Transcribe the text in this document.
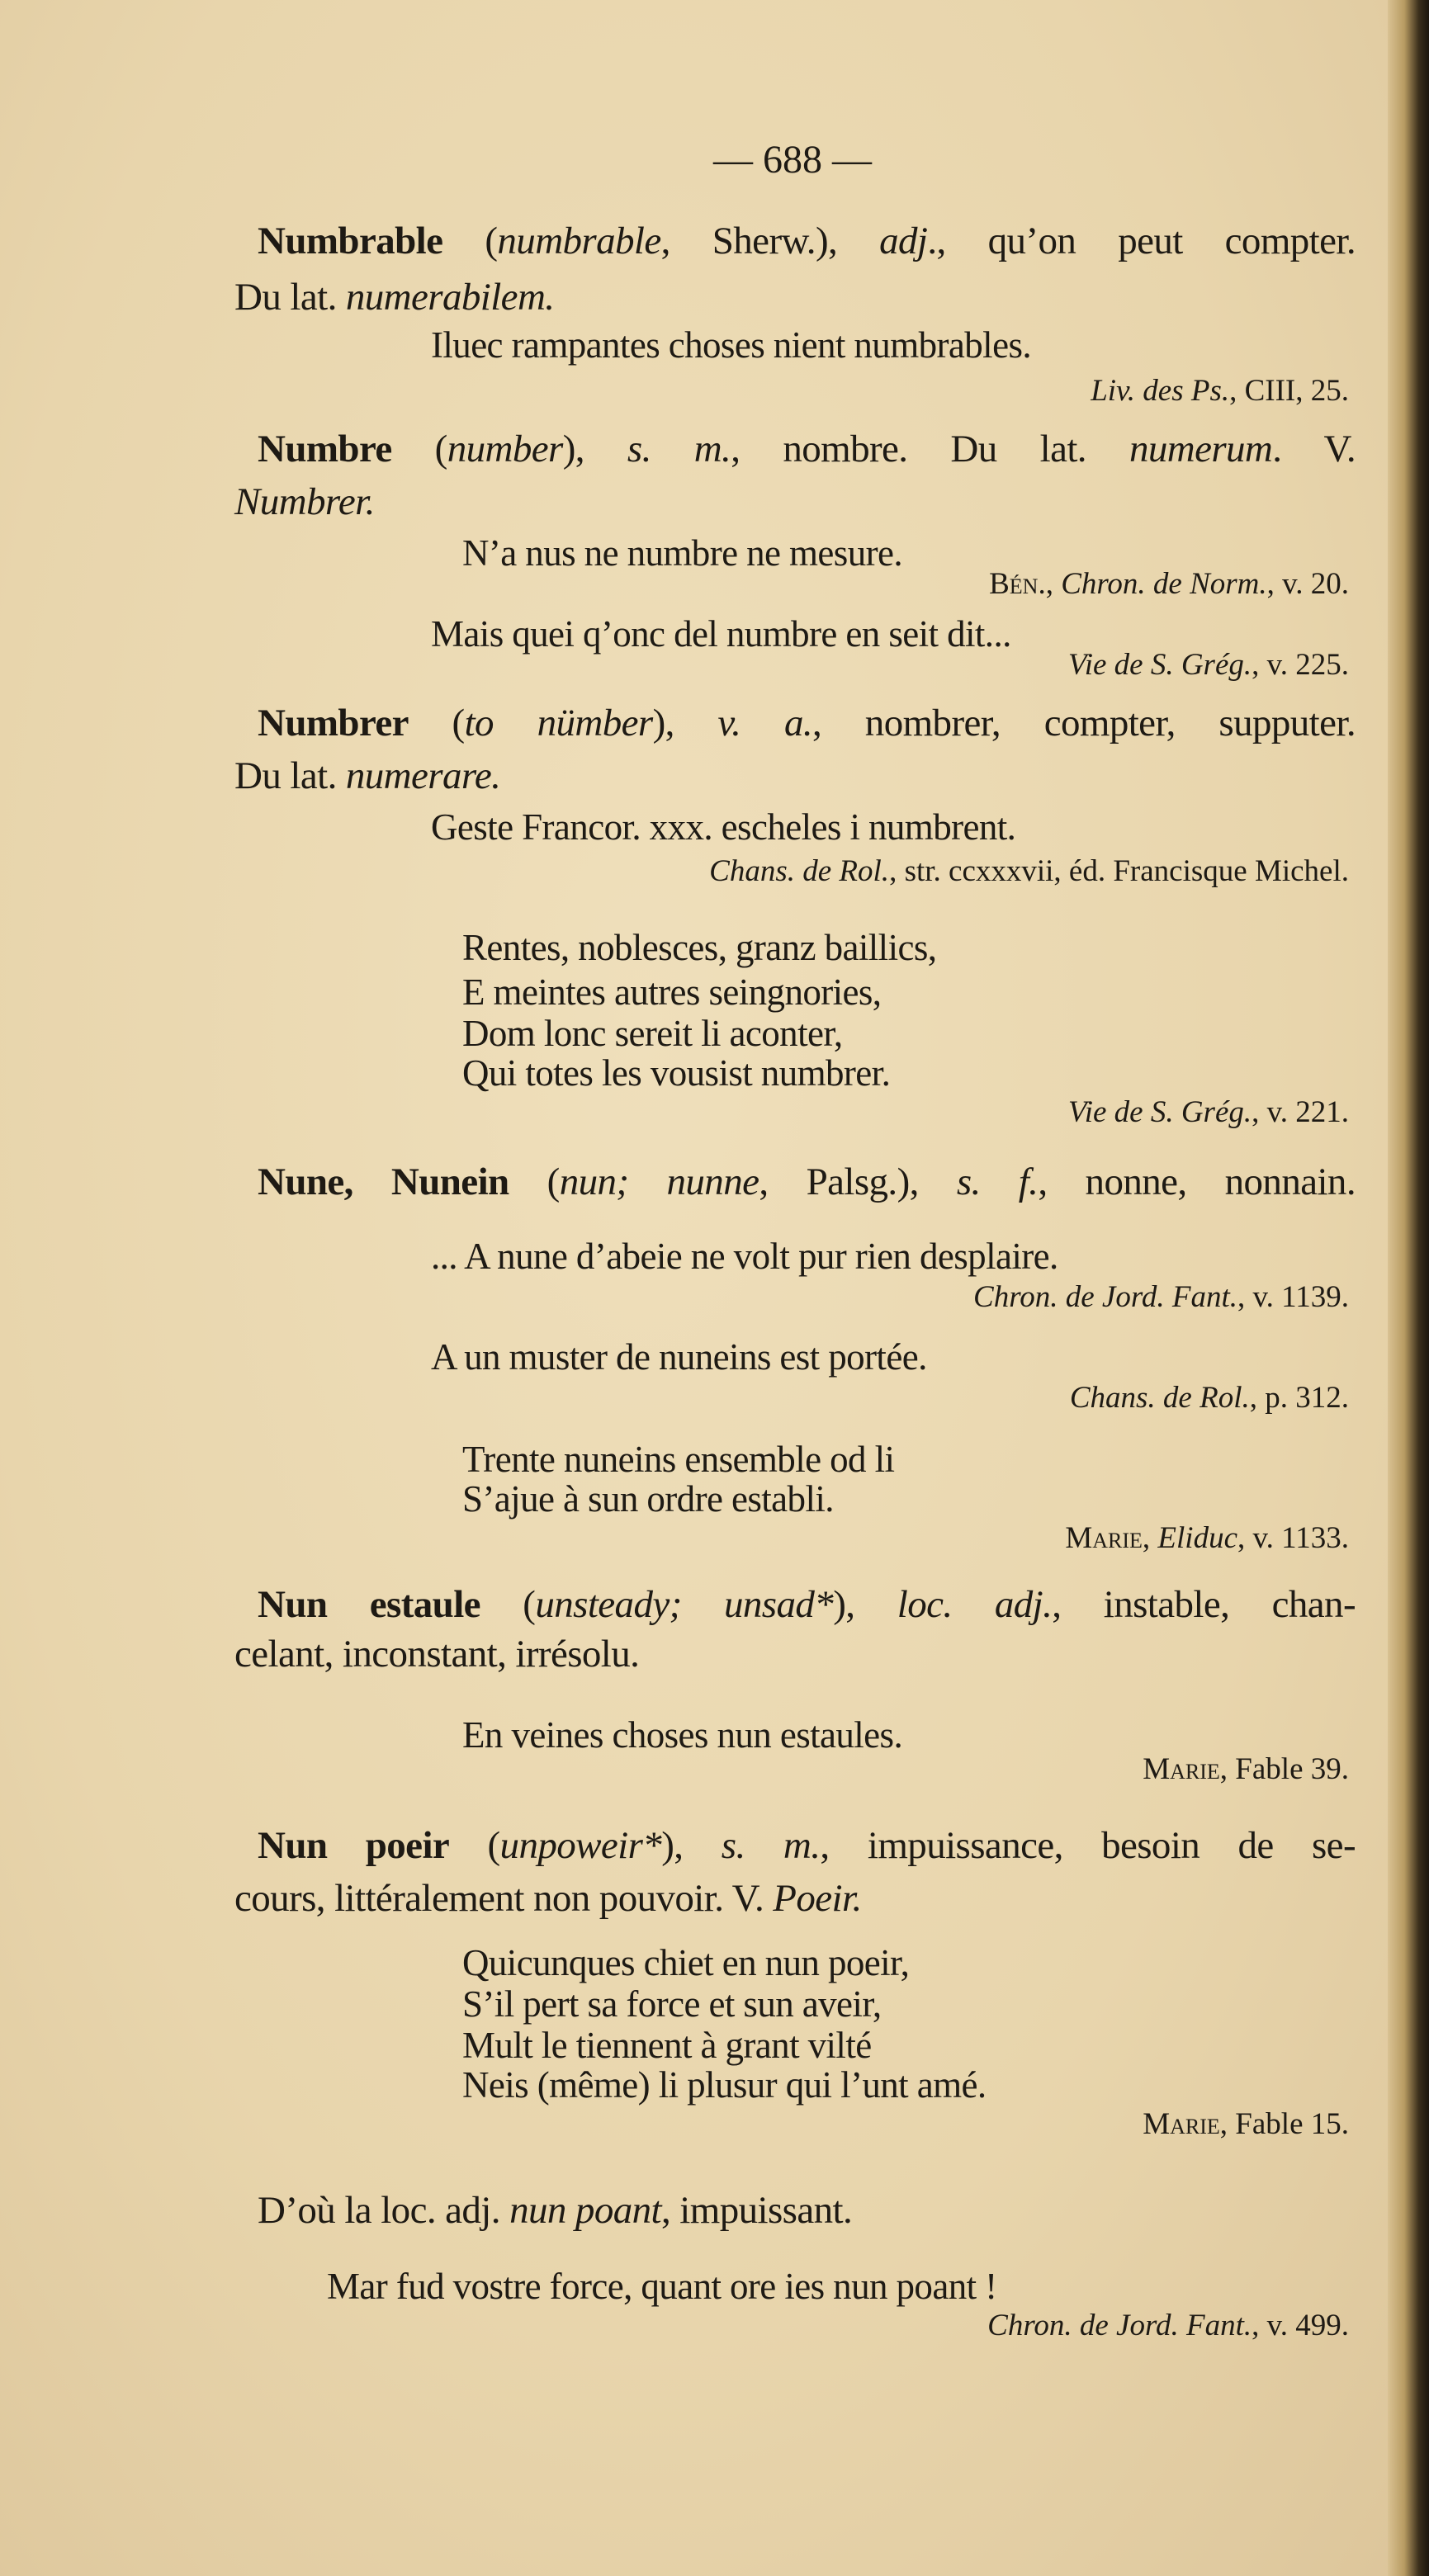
— 688 —
Numbrable (numbrable, Sherw.), adj., qu’on peut compter.
Du lat. numerabilem.
Iluec rampantes choses nient numbrables.
Liv. des Ps., CIII, 25.
Numbre (number), s. m., nombre. Du lat. numerum. V.
Numbrer.
N’a nus ne numbre ne mesure.
Bén., Chron. de Norm., v. 20.
Mais quei q’onc del numbre en seit dit...
Vie de S. Grég., v. 225.
Numbrer (to nümber), v. a., nombrer, compter, supputer.
Du lat. numerare.
Geste Francor. xxx. escheles i numbrent.
Chans. de Rol., str. ccxxxvii, éd. Francisque Michel.
Rentes, noblesces, granz baillics,
E meintes autres seingnories,
Dom lonc sereit li aconter,
Qui totes les vousist numbrer.
Vie de S. Grég., v. 221.
Nune, Nunein (nun; nunne, Palsg.), s. f., nonne, nonnain.
... A nune d’abeie ne volt pur rien desplaire.
Chron. de Jord. Fant., v. 1139.
A un muster de nuneins est portée.
Chans. de Rol., p. 312.
Trente nuneins ensemble od li
S’ajue à sun ordre establi.
Marie, Eliduc, v. 1133.
Nun estaule (unsteady; unsad*), loc. adj., instable, chan-
celant, inconstant, irrésolu.
En veines choses nun estaules.
Marie, Fable 39.
Nun poeir (unpoweir*), s. m., impuissance, besoin de se-
cours, littéralement non pouvoir. V. Poeir.
Quicunques chiet en nun poeir,
S’il pert sa force et sun aveir,
Mult le tiennent à grant vilté
Neis (même) li plusur qui l’unt amé.
Marie, Fable 15.
D’où la loc. adj. nun poant, impuissant.
Mar fud vostre force, quant ore ies nun poant !
Chron. de Jord. Fant., v. 499.
